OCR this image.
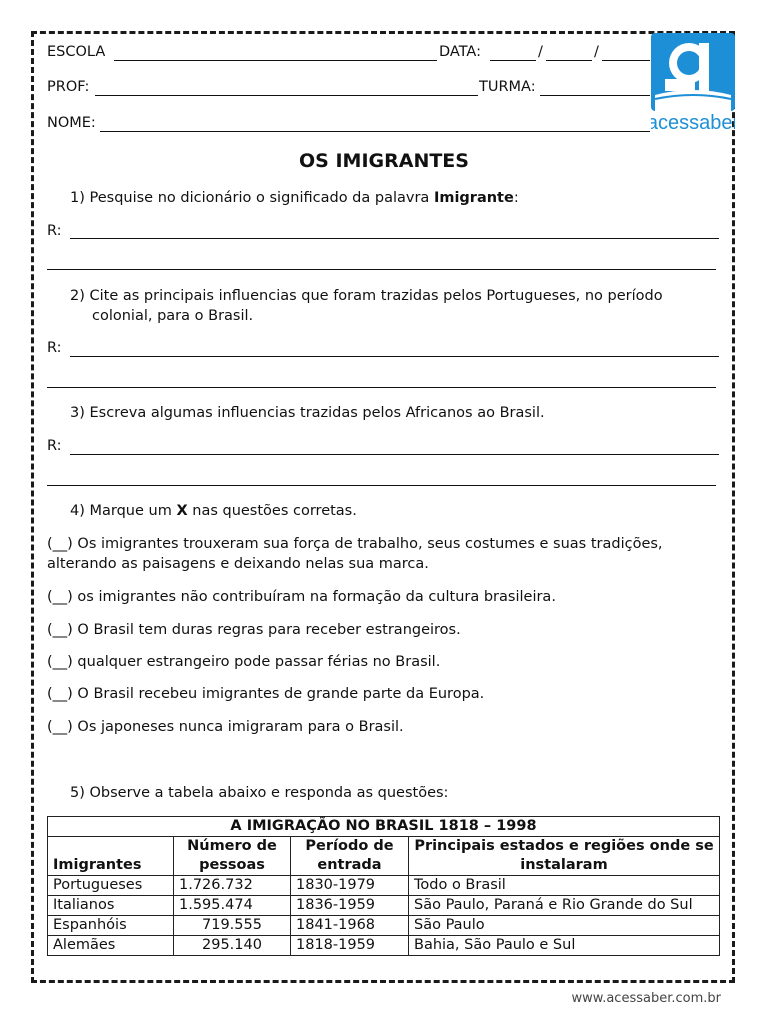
ESCOLA	DATA:	/	/
PROF:	TURMA:
NOME:	acessaber
OS IMIGRANTES
1) Pesquise no dicionário o significado da palavra Imigrante:
R:
2) Cite as principais influencias que foram trazidas pelos Portugueses, no período
colonial, para o Brasil.
R:
3) Escreva algumas influencias trazidas pelos Africanos ao Brasil.
R:
4) Marque um X nas questões corretas.
(__) Os imigrantes trouxeram sua força de trabalho, seus costumes e suas tradições,
alterando as paisagens e deixando nelas sua marca.
(__) os imigrantes não contribuíram na formação da cultura brasileira.
(__) O Brasil tem duras regras para receber estrangeiros.
(__) qualquer estrangeiro pode passar férias no Brasil.
(__) O Brasil recebeu imigrantes de grande parte da Europa.
(__) Os japoneses nunca imigraram para o Brasil.
5) Observe a tabela abaixo e responda as questões:
A IMIGRAÇÃO NO BRASIL 1818 – 1998			
Imigrantes	Número de pessoas	Período de entrada	Principais estados e regiões onde se instalaram
Portugueses	1.726.732	1830-1979	Todo o Brasil
Italianos	1.595.474	1836-1959	São Paulo, Paraná e Rio Grande do Sul
Espanhóis	719.555	1841-1968	São Paulo
Alemães	295.140	1818-1959	Bahia, São Paulo e Sul
www.acessaber.com.br
